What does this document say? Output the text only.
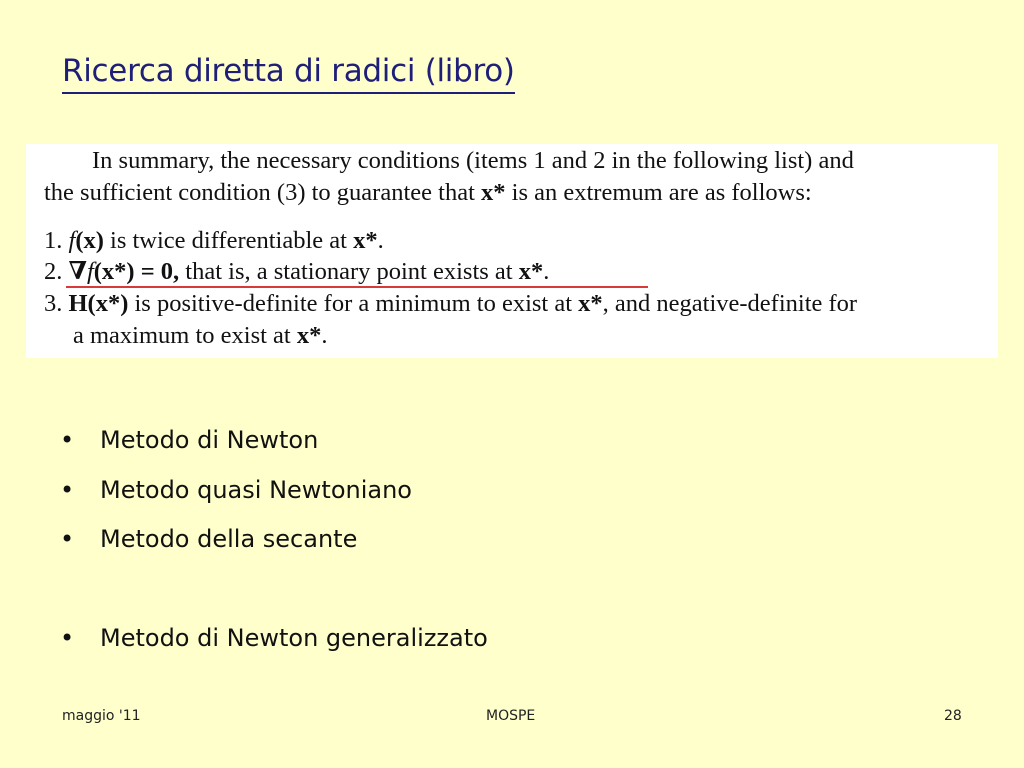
Ricerca diretta di radici (libro)
In summary, the necessary conditions (items 1 and 2 in the following list) and
the sufficient condition (3) to guarantee that x* is an extremum are as follows:
1. f(x) is twice differentiable at x*.
2. ∇f(x*) = 0, that is, a stationary point exists at x*.
3. H(x*) is positive-definite for a minimum to exist at x*, and negative-definite for
a maximum to exist at x*.
• Metodo di Newton
• Metodo quasi Newtoniano
• Metodo della secante
• Metodo di Newton generalizzato
maggio '11	MOSPE	28
